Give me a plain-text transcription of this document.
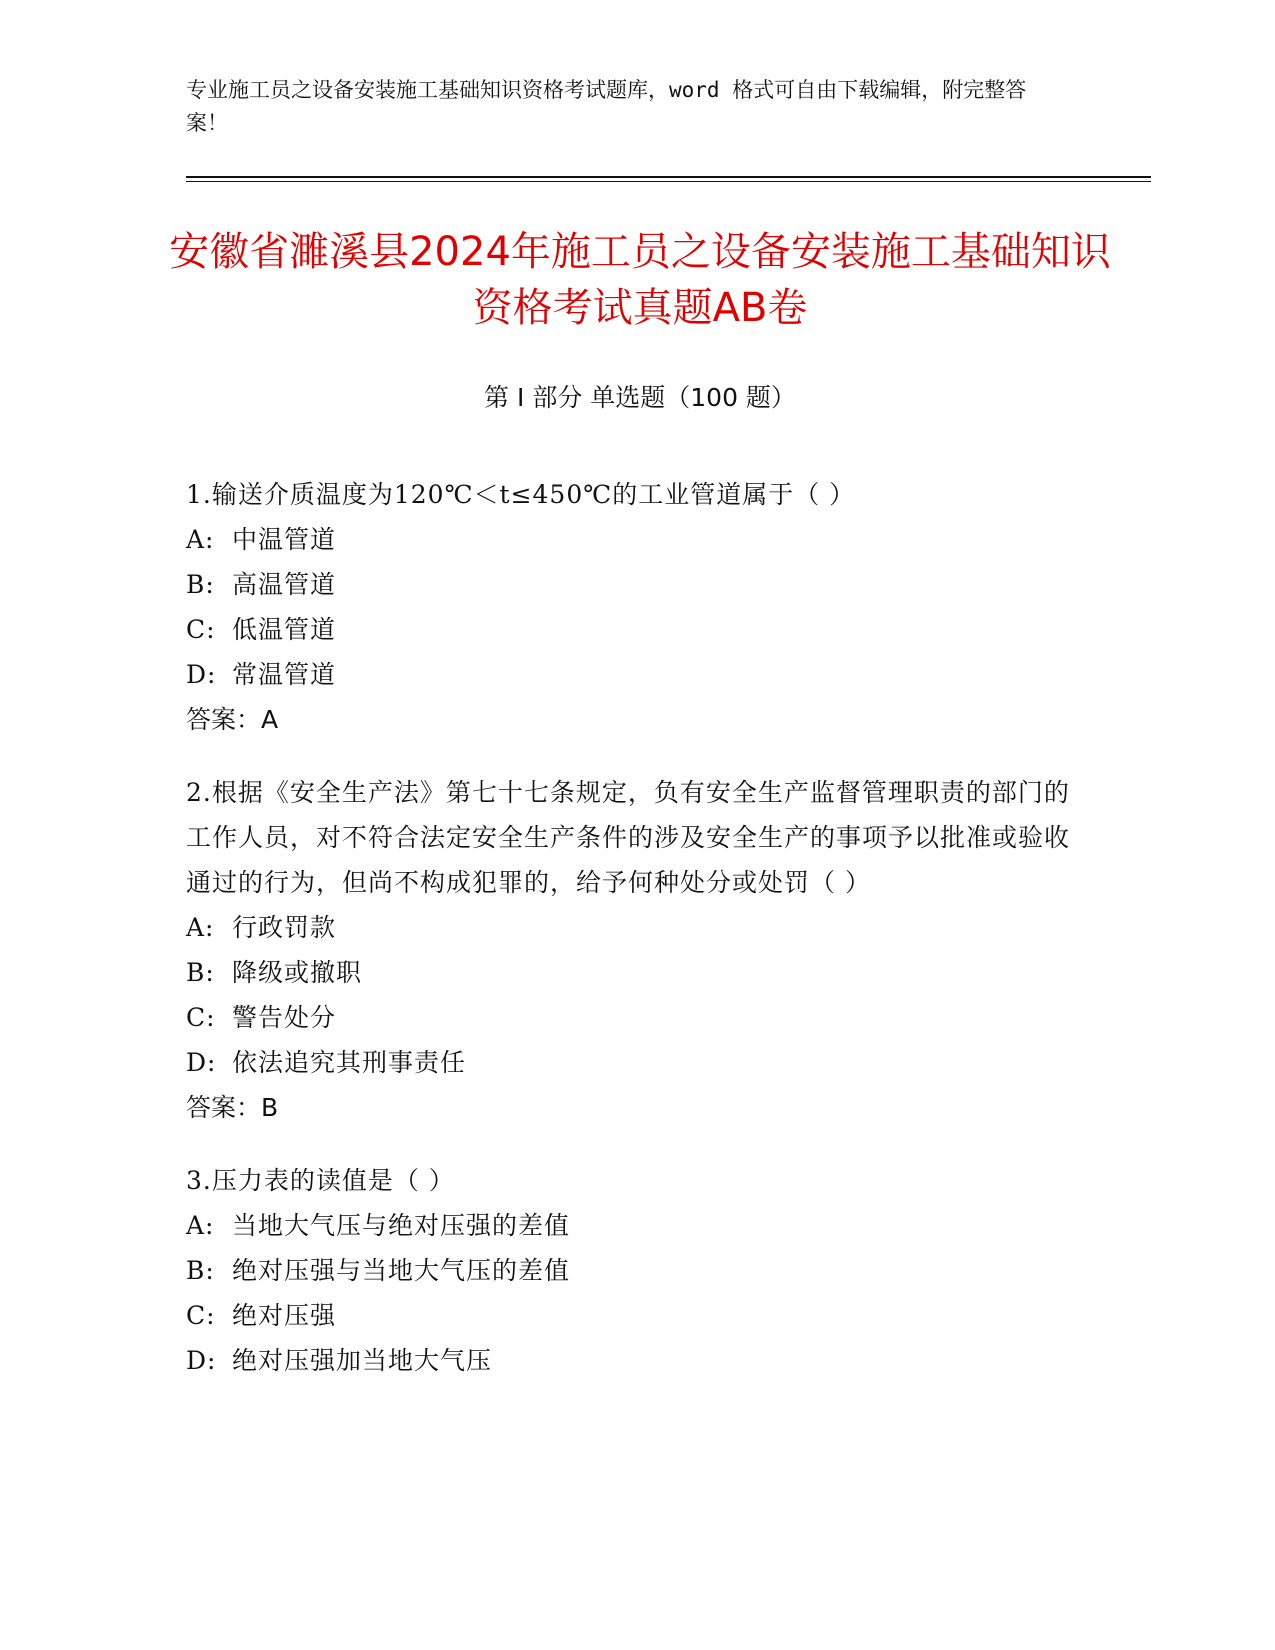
专业施工员之设备安装施工基础知识资格考试题库，word 格式可自由下载编辑，附完整答案！
安徽省濉溪县2024年施工员之设备安装施工基础知识资格考试真题AB卷
第 I 部分 单选题（100 题）
1.输送介质温度为120℃＜t≤450℃的工业管道属于（ ）
A: 中温管道
B: 高温管道
C: 低温管道
D: 常温管道
答案：A
2.根据《安全生产法》第七十七条规定，负有安全生产监督管理职责的部门的工作人员，对不符合法定安全生产条件的涉及安全生产的事项予以批准或验收通过的行为，但尚不构成犯罪的，给予何种处分或处罚（ ）
A: 行政罚款
B: 降级或撤职
C: 警告处分
D: 依法追究其刑事责任
答案：B
3.压力表的读值是（ ）
A: 当地大气压与绝对压强的差值
B: 绝对压强与当地大气压的差值
C: 绝对压强
D: 绝对压强加当地大气压
